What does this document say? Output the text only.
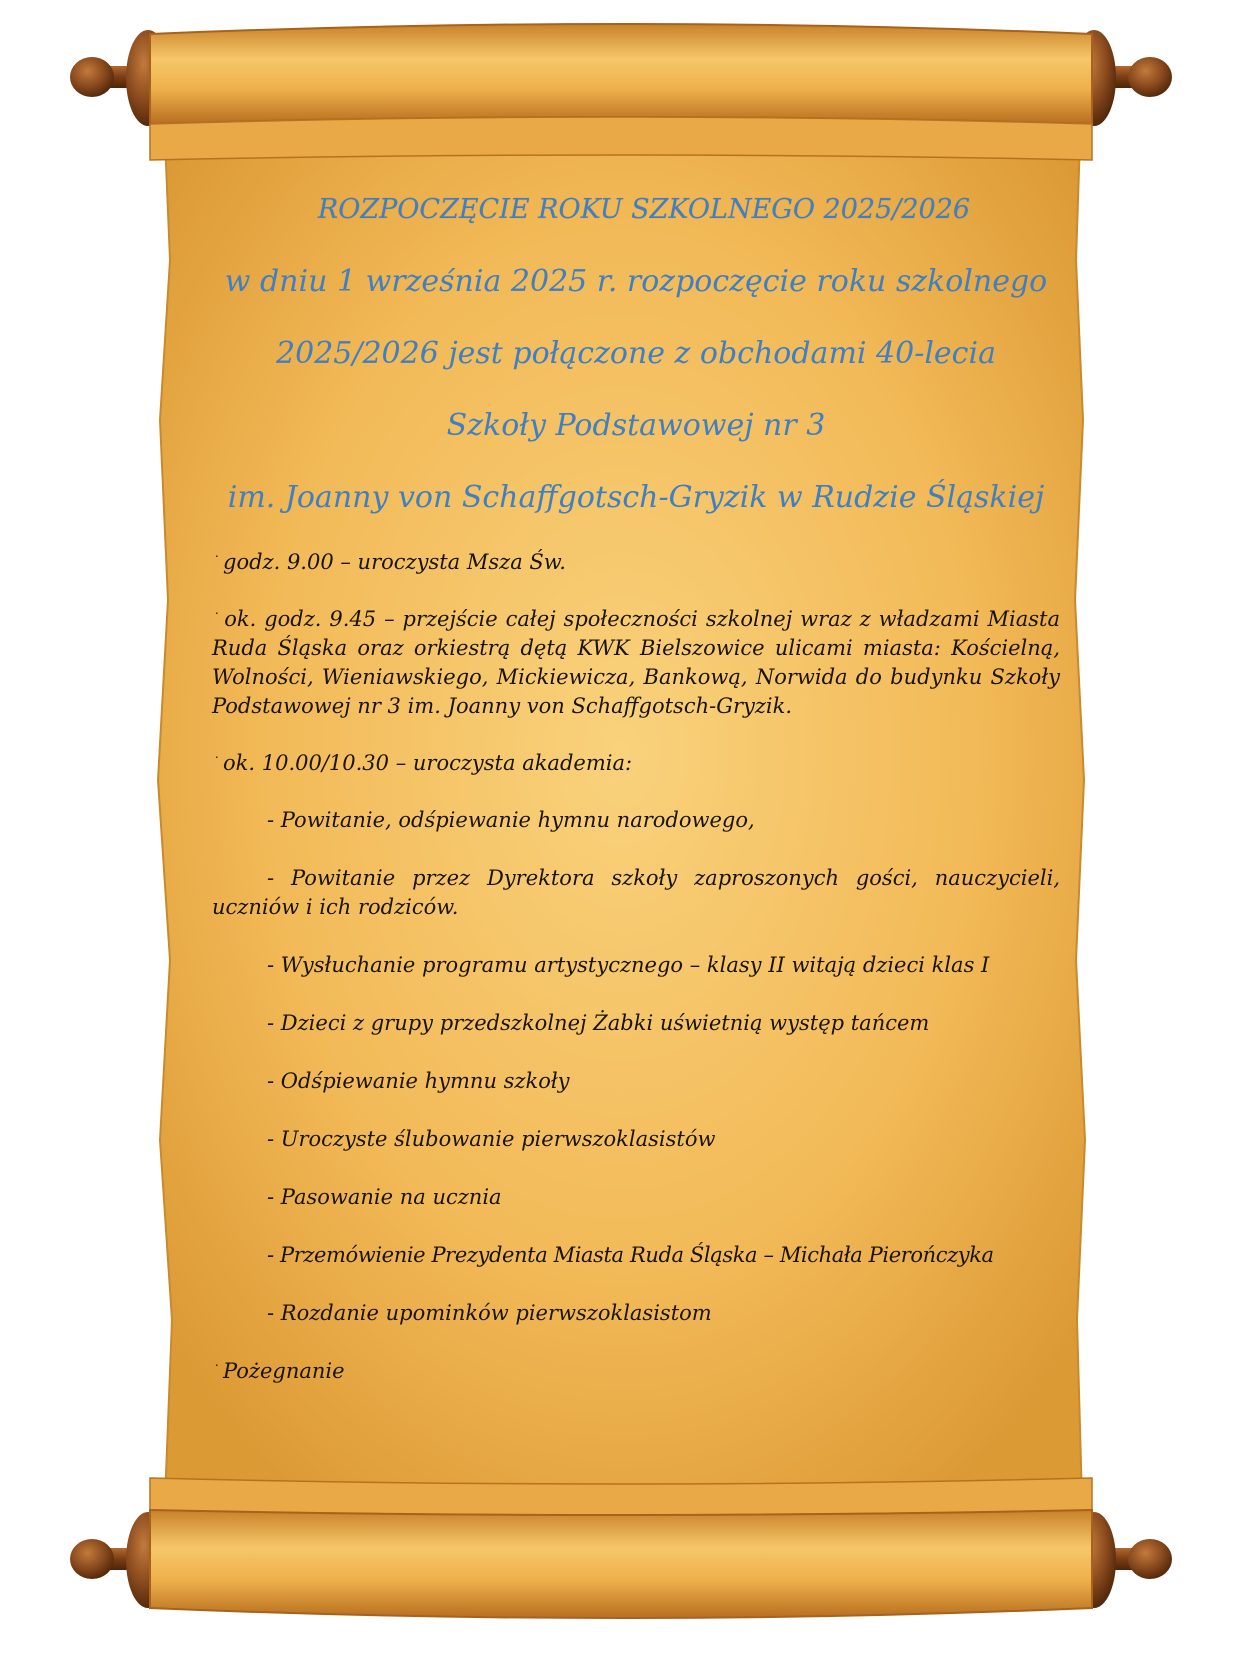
ROZPOCZĘCIE ROKU SZKOLNEGO 2025/2026
w dniu 1 września 2025 r. rozpoczęcie roku szkolnego
2025/2026 jest połączone z obchodami 40-lecia
Szkoły Podstawowej nr 3
im. Joanny von Schaffgotsch-Gryzik w Rudzie Śląskiej
˙ godz. 9.00 – uroczysta Msza Św.
˙ ok. godz. 9.45 – przejście całej społeczności szkolnej wraz z władzami Miasta Ruda Śląska oraz orkiestrą dętą KWK Bielszowice ulicami miasta: Kościelną, Wolności, Wieniawskiego, Mickiewicza, Bankową, Norwida do budynku Szkoły Podstawowej nr 3 im. Joanny von Schaffgotsch-Gryzik.
˙ ok. 10.00/10.30 – uroczysta akademia:
- Powitanie, odśpiewanie hymnu narodowego,
- Powitanie przez Dyrektora szkoły zaproszonych gości, nauczycieli, uczniów i ich rodziców.
- Wysłuchanie programu artystycznego – klasy II witają dzieci klas I
- Dzieci z grupy przedszkolnej Żabki uświetnią występ tańcem
- Odśpiewanie hymnu szkoły
- Uroczyste ślubowanie pierwszoklasistów
- Pasowanie na ucznia
- Przemówienie Prezydenta Miasta Ruda Śląska – Michała Pierończyka
- Rozdanie upominków pierwszoklasistom
˙ Pożegnanie
